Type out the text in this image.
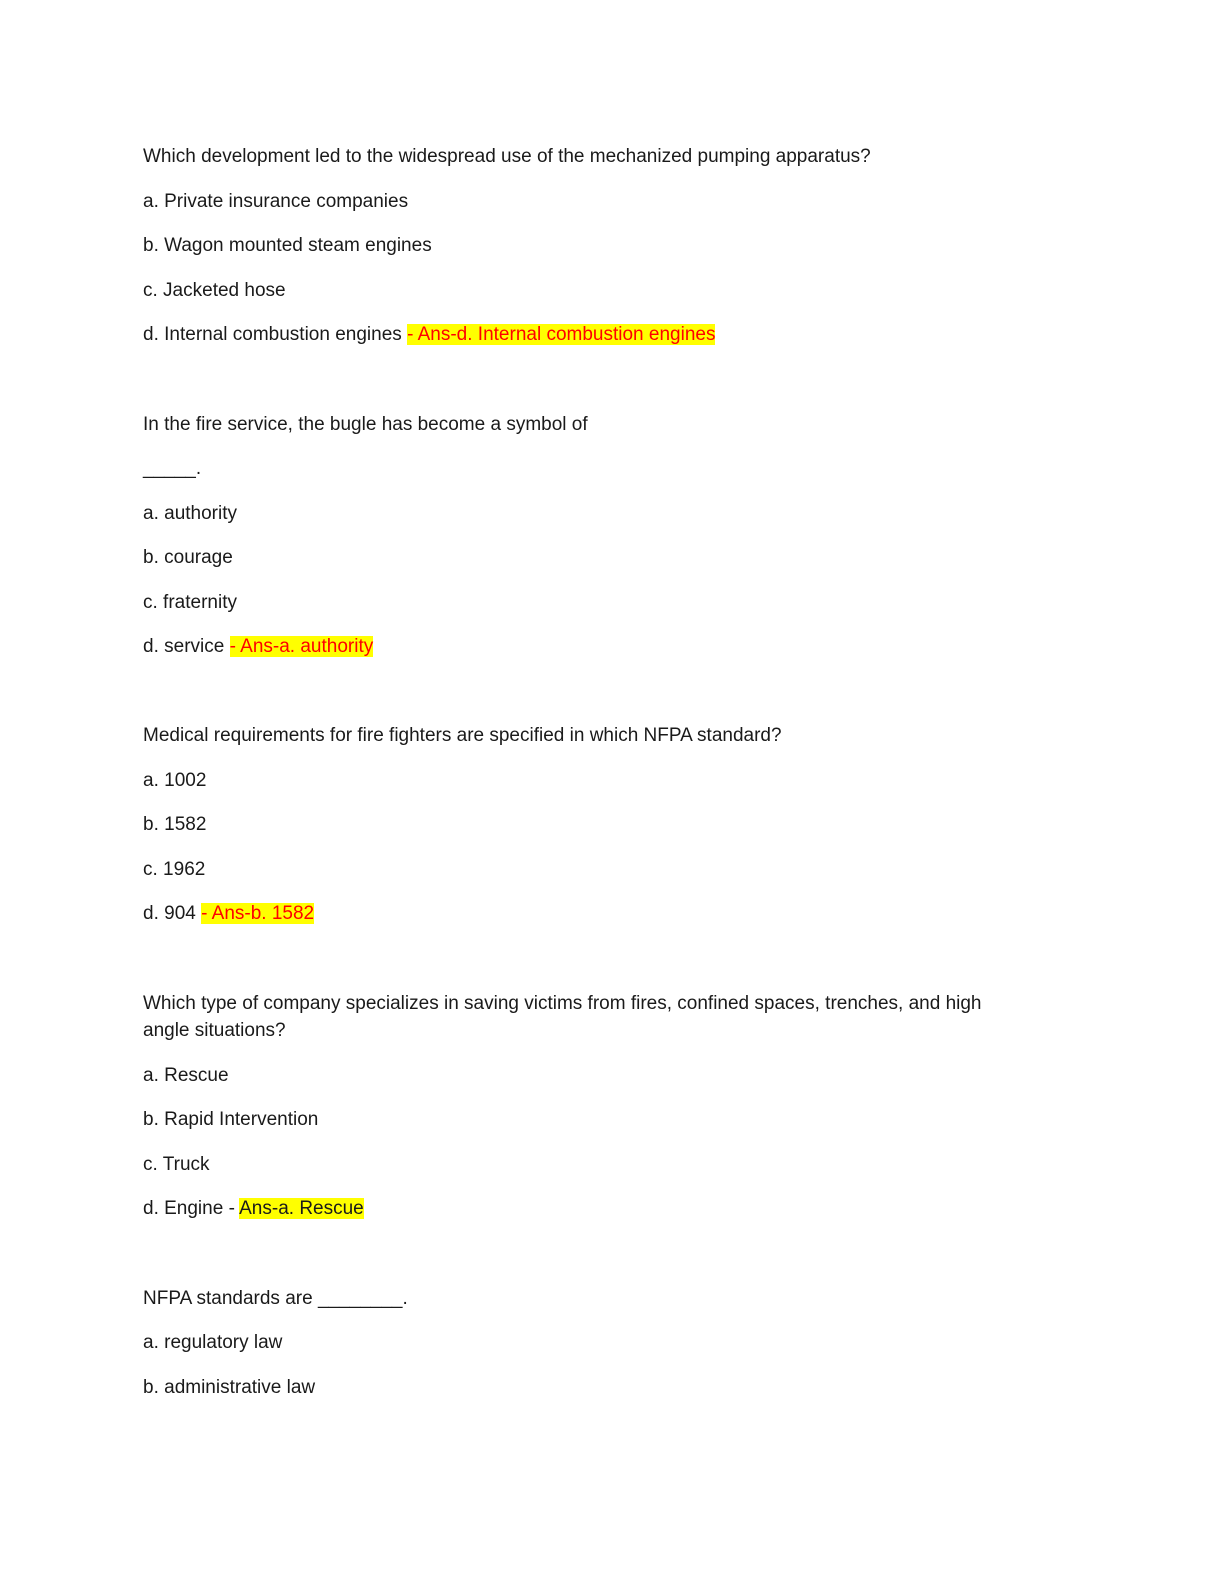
Which development led to the widespread use of the mechanized pumping apparatus?
a. Private insurance companies
b. Wagon mounted steam engines
c. Jacketed hose
d. Internal combustion engines - Ans-d. Internal combustion engines
In the fire service, the bugle has become a symbol of
_____.
a. authority
b. courage
c. fraternity
d. service - Ans-a. authority
Medical requirements for fire fighters are specified in which NFPA standard?
a. 1002
b. 1582
c. 1962
d. 904 - Ans-b. 1582
Which type of company specializes in saving victims from fires, confined spaces, trenches, and high
angle situations?
a. Rescue
b. Rapid Intervention
c. Truck
d. Engine - Ans-a. Rescue
NFPA standards are ________.
a. regulatory law
b. administrative law
